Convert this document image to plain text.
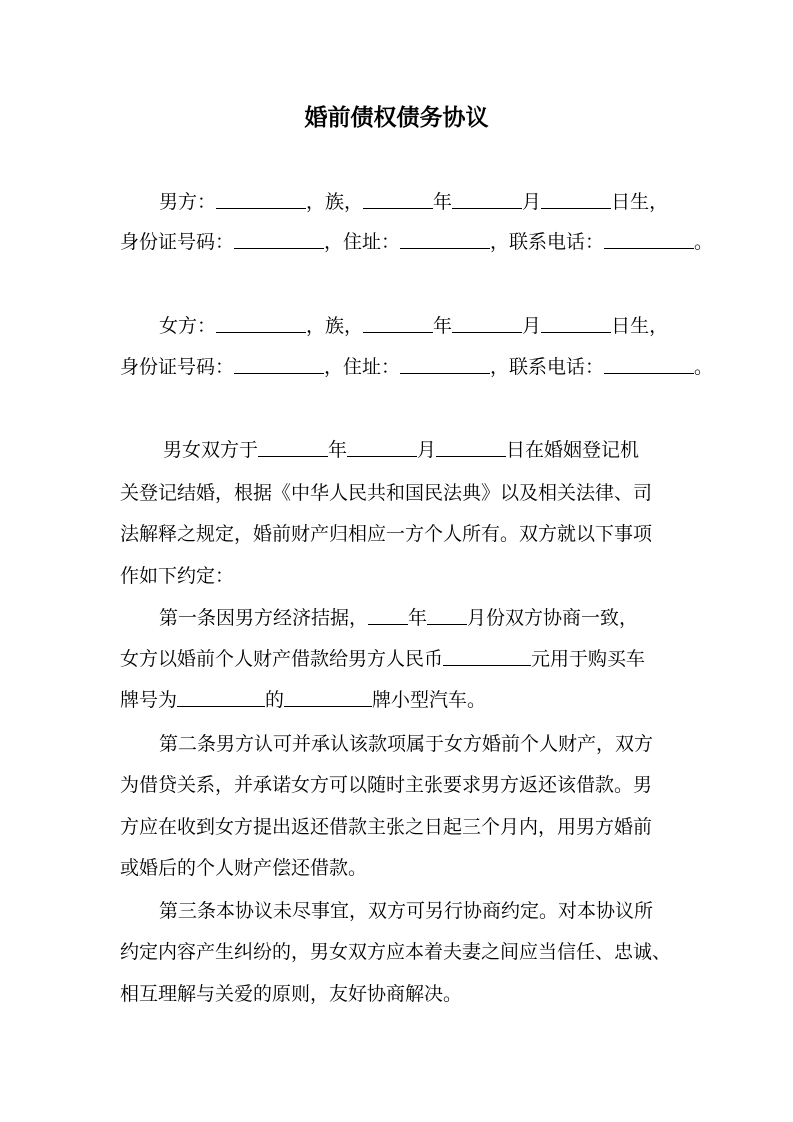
婚前债权债务协议
男方：	，族，	年	月	日生，
身份证号码：	，住址：	，联系电话：	。
女方：	，族，	年	月	日生，
身份证号码：	，住址：	，联系电话：	。
男女双方于	年	月	日在婚姻登记机
关登记结婚，根据《中华人民共和国民法典》以及相关法律、司
法解释之规定，婚前财产归相应一方个人所有。双方就以下事项
作如下约定：
第一条因男方经济拮据， 年 月份双方协商一致，
女方以婚前个人财产借款给男方人民币	元用于购买车
牌号为	的	牌小型汽车。
第二条男方认可并承认该款项属于女方婚前个人财产，双方
为借贷关系，并承诺女方可以随时主张要求男方返还该借款。男
方应在收到女方提出返还借款主张之日起三个月内，用男方婚前
或婚后的个人财产偿还借款。
第三条本协议未尽事宜，双方可另行协商约定。对本协议所
约定内容产生纠纷的，男女双方应本着夫妻之间应当信任、忠诚、
相互理解与关爱的原则，友好协商解决。
